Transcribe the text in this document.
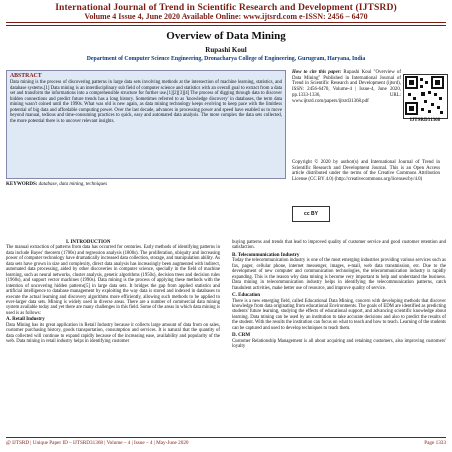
International Journal of Trend in Scientific Research and Development (IJTSRD)
Volume 4 Issue 4, June 2020 Available Online: www.ijtsrd.com e-ISSN: 2456 – 6470
Overview of Data Mining
Rupashi Koul
Department of Computer Science Engineering, Dronacharya College of Engineering, Gurugram, Haryana, India
ABSTRACT
Data mining is the process of discovering patterns in large data sets involving methods at the intersection of machine learning, statistics, and database systems.[1] Data mining is an interdisciplinary sub field of computer science and statistics with an overall goal to extract from a data set and transform the informations into a comprehensible structure for further use.[1][2][3][4] The process of digging through data to discover hidden connections and predict future trends has a long history. Sometimes referred to as 'knowledge discovery' in databases, the term data mining wasn't coined until the 1990s. What was old is new again, as data mining technology keeps evolving to keep pace with the limitless potential of big data and affordable computing power. Over the last decade, advances in processing power and speed have enabled us to move beyond manual, tedious and time-consuming practices to quick, easy and automated data analysis. The more complex the data sets collected, the more potential there is to uncover relevant insights.
KEYWORDS: database, data mining, techniques
How to cite this paper: Rupashi Koul "Overview of Data Mining" Published in International Journal of Trend in Scientific Research and Development (ijtsrd), ISSN: 2456-6470, Volume-4 | Issue-4, June 2020, pp.1333-1336, URL: www.ijtsrd.com/papers/ijtsrd31368.pdf
IJTSRD31368
Copyright © 2020 by author(s) and International Journal of Trend in Scientific Research and Development Journal. This is an Open Access article distributed under the terms of the Creative Commons Attribution License (CC BY 4.0) (http://creativecommons.org/licenses/by/4.0)
cc BY
I. INTRODUCTION

The manual extraction of patterns from data has occurred for centuries. Early methods of identifying patterns in data include Bayes' theorem (1700s) and regression analysis (1800s). The proliferation, ubiquity and increasing power of computer technology have dramatically increased data collection, storage, and manipulation ability. As data sets have grown in size and complexity, direct data analysis has increasingly been augmented with indirect, automated data processing, aided by other discoveries in computer science, specially in the field of machine learning, such as neural networks, cluster analysis, genetic algorithms (1950s), decision trees and decision rules (1960s), and support vector machines (1990s). Data mining is the process of applying these methods with the intention of uncovering hidden patterns[5] in large data sets. It bridges the gap from applied statistics and artificial intelligence to database management by exploiting the way data is stored and indexed in databases to execute the actual learning and discovery algorithms more efficiently, allowing such methods to be applied to ever-larger data sets. Mining is widely used in diverse areas. There are a number of commercial data mining system available today and yet there are many challenges in this field. Some of the areas in which data mining is used is as follows:

A. Retail Industry

Data Mining has its great application in Retail Industry because it collects large amount of data from on sales, customer purchasing history, goods transportation, consumption and services. It is natural that the quantity of data collected will continue to expand rapidly because of the increasing ease, availability and popularity of the web. Data mining in retail industry helps in identifying customer

buying patterns and trends that lead to improved quality of customer service and good customer retention and satisfaction.

B. Telecommunication Industry

Today the telecommunication industry is one of the most emerging industries providing various services such as fax, pager, cellular phone, internet messenger, images, e-mail, web data transmission, etc. Due to the development of new computer and communication technologies, the telecommunication industry is rapidly expanding. This is the reason why data mining is become very important to help and understand the business. Data mining in telecommunication industry helps in identifying the telecommunication patterns, catch fraudulent activities, make better use of resource, and improve quality of service.

C. Education

There is a new emerging field, called Educational Data Mining, concern with developing methods that discover knowledge from data originating from educational Environments. The goals of EDM are identified as predicting students' future learning, studying the effects of educational support, and advancing scientific knowledge about learning. Data mining can be used by an institution to take accurate decisions and also to predict the results of the student. With the results the institution can focus on what to teach and how to teach. Learning of the students can be captured and used to develop techniques to teach them.

D. CRM

Customer Relationship Management is all about acquiring and retaining customers, also improving customers' loyalty

@ IJTSRD | Unique Paper ID – IJTSRD31368 | Volume – 4 | Issue – 4 | May-June 2020	Page 1333
